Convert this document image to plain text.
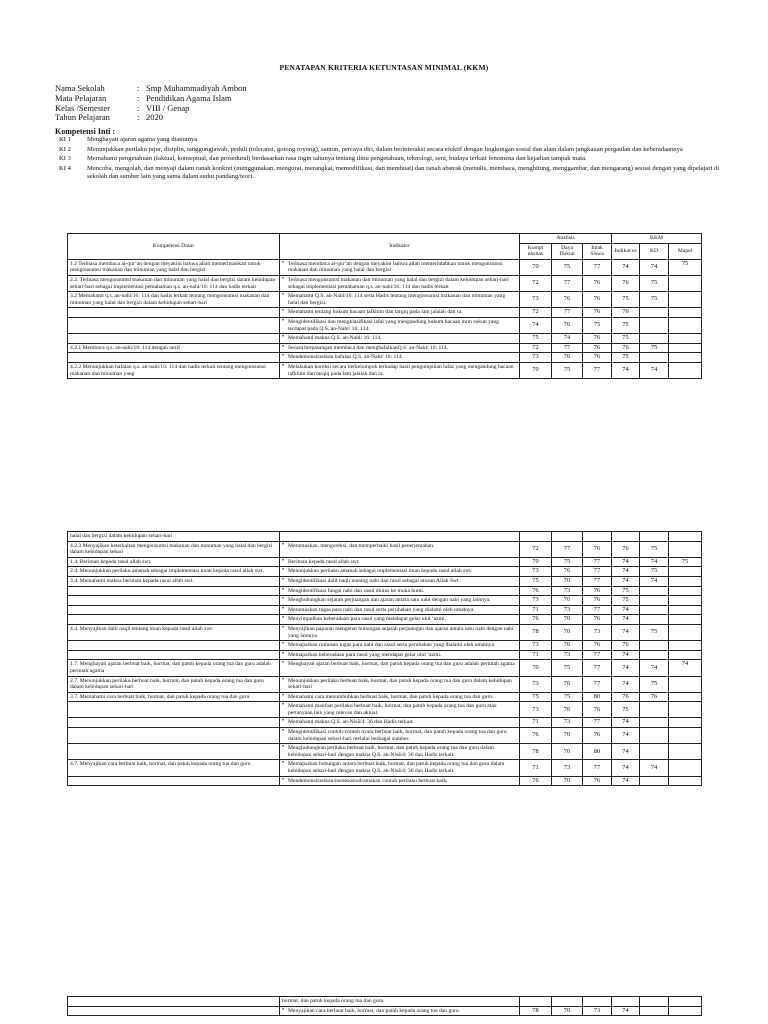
PENATAPAN KRITERIA KETUNTASAN MINIMAL (KKM)
Nama Sekolah	: Smp Muhammadiyah Ambon
Mata Pelajaran	: Pendidikan Agama Islam
Kelas /Semester	: VIII / Genap
Tahun Pelajaran	: 2020
Kompetensi Inti :
KI 1	Menghayati ajaran agama yang dianutnya
KI 2	Menunjukkan perilaku jujur, disiplin, tanggungjawab, peduli (toleransi, gotong royong), santun, percaya diri, dalam berinteraksi secara efektif dengan lingkungan sosial dan alam dalam jangkauan pergaulan dan keberadaannya
KI 3	Memahami pengetahuan (faktual, konseptual, dan prosedural) berdasarkan rasa ingin tahunya tentang ilmu pengetahuan, teknologi, seni, budaya terkait fenomena dan kejadian tampak mata.
KI 4	Mencoba, mengolah, dan menyaji dalam ranah konkret (menggunakan, mengurai, merangkai, memodifikasi, dan membuat) dan ranah abstrak (menulis, membaca, menghitung, menggambar, dan mengarang) sesuai dengan yang dipelajari di sekolah dan sumber lain yang sama dalam sudut pandang/teori.
Kompetensi Dasar	Indikator	Analisis			KKM		
		Kompl eksitas	Daya Dukun	Intak Siswa	Indikat or	KD	Mapel
1.2 Terbiasa membaca al-qur’an dengan meyakini bahwa allah memerintahkan untuk mengonsumsi makanan dan minuman yang halal dan bergizi	• Terbiasa membaca al-qur’an dengan meyakini bahwa allah memerintahkan untuk mengonsumsi makanan dan minuman yang halal dan bergizi	70	75	77	74	74	75
2.2. Terbiasa mengonsumsi makanan dan minuman yang halal dan bergizi dalam kehidupan sehari-hari sebagai implementasi pemahaman q.s. an-nahl/16: 114 dan hadis terkait	• Terbiasa mengonsumsi makanan dan minuman yang halal dan bergizi dalam kehidupan sehari-hari sebagai implementasi pemahaman q.s. an-nahl/16: 114 dan hadis terkait	72	77	76	76	75	
3.2 Memahami q.s. an-nahl/16: 114 dan hadis terkait tentang mengonsumsi makanan dan minuman yang halal dan bergizi dalam kehidupan sehari-hari	• Memahami Q.S. an-Nahl/16: 114 serta Hadis tentang mengonsumsi makanan dan minuman yang halal dan bergizi.	73	76	76	75	75	
	• Memahami tentang hukum bacaan tafkhim dan tarqiq pada lam jalalah dan ra.	72	77	76	76		
	• Mengidentifikasi dan mengklasifikasi lafal yang mengandung hukum bacaan mim sukun yang terdapat pada Q.S. an-Nahl/ 16: 114.	74	76	75	75		
	• Memahami makna Q.S. an-Nahl/ 16: 114.	75	74	76	75		
4.2.1 Membaca q.s. an-nahl/16: 114 dengan tartil	• Secara berpasangan membaca dan menghafalkanQ.S. an-Nahl/ 16: 114.	72	77	76	76	75	
	• Mendemonstrasikan hafalan Q.S. an-Nahl/ 16: 114.	73	76	76	75		
4.2.2 Menunjukkan hafalan q.s. an-nahl/16: 114 dan hadis terkait tentang mengonsumsi makanan dan minuman yang	• Melakukan koreksi secara berkelompok terhadap hasil pengumpulan lafaz yang mengandung bacaan tafkhim dan tarqiq pada lam jalalah dan ra.	70	75	77	74	74	
halal dan bergizi dalam kehidupan sehari-hari							
4.2.3 Menyajikan keterkaitan mengonsumsi makanan dan minuman yang halal dan bergizi dalam kehidupan sehari	• Merumuskan, mengoreksi, dan memperbaiki hasil penerjemahan.	72	77	76	76	75	
1.4. Beriman kepada rasul allah swt.	• Beriman kepada rasul allah swt.	70	75	77	74	74	75
2.4. Menunjukkan perilaku amanah sebagai implementasi iman kepada rasul allah swt.	• Menunjukkan perilaku amanah sebagai implementasi iman kepada rasul allah swt.	73	76	77	74	75	
3.4. Memahami makna beriman kepada rasul allah swt.	• Mengidentifikasi dalil naqli tentang nabi dan rasul sebagai utusan Allah Swt.	75	70	77	74	74	
	• Mengidentifikasi fungsi nabi dan rasul diutus ke muka bumi.	76	73	76	75		
	• Menghubungkan sejarah perjuangan dan ajaran antara satu nabi dengan nabi yang lainnya.	73	76	76	75		
	• Merumuskan tugas para nabi dan rasul serta perubahan yang dialami oleh umatnya.	71	73	77	74		
	• Menyimpulkan keberadaan para rasul yang mendapat gelar ulul ‘azmi.	76	70	76	74		
4.4. Menyajikan dalil naqli tentang iman kepada rasul allah swt.	• Menyajikan paparan mengenai hubungan sejarah perjuangan dan ajaran antara satu nabi dengan nabi yang lainnya.	78	70	73	74	75	
	• Memaparkan rumusan tugas para nabi dan rasul serta perubahan yang dialami oleh umatnya.	73	76	76	76		
	• Memaparkan keberadaan para rasul yang mendapat gelar ulul ‘azmi.	71	73	77	74		
1.7. Menghayati ajaran berbuat baik, hormat, dan patuh kepada orang tua dan guru adalah perintah agama	• Menghayati ajaran berbuat baik, hormat, dan patuh kepada orang tua dan guru adalah perintah agama	70	75	77	74	74	74
2.7. Menunjukkan perilaku berbuat baik, hormat, dan patuh kepada orang tua dan guru dalam kehidupan sehari-hari	• Menunjukkan perilaku berbuat baik, hormat, dan patuh kepada orang tua dan guru dalam kehidupan sehari-hari	73	76	77	74	75	
3.7. Memahami cara berbuat baik, hormat, dan patuh kepada orang tua dan guru	• Memahami cara menumbuhkan berbuat baik, hormat, dan patuh kepada orang tua dan guru.	75	75	80	76	76	
	• Memahami manfaat perilaku berbuat baik, hormat, dan patuh kepada orang tua dan guru atau pertanyaan lain yang relevan dan aktual.	73	76	76	75		
	• Memahami makna Q.S. an-Nisā/4: 36 dan Hadis terkait.	71	73	77	74		
	• Mengidentifikasi contoh-contoh nyata berbuat baik, hormat, dan patuh kepada orang tua dan guru dalam kehidupan sehari-hari melalui berbagai sumber.	76	70	76	74		
	• Menghubungkan perilaku berbuat baik, hormat, dan patuh kepada orang tua dan guru dalam kehidupan sehari-hari dengan makna Q.S. an-Nisā/4: 36 dan Hadis terkait.	78	70	80	74		
4.7. Menyajikan cara berbuat baik, hormat, dan patuh kepada orang tua dan guru	• Memaparkan hubungan antara berbuat baik, hormat, dan patuh kepada orang tua dan guru dalam kehidupan sehari-hari dengan makna Q.S. an-Nisā/4: 36 dan Hadis terkait.	71	73	77	74	74	
	• Mendemonstrasikan/menesosiodramakan contoh perilaku berbuat baik,	76	70	76	74		
	hormat, dan patuh kepada orang tua dan guru.						
	• Menyajikan cara berbuat baik, hormat, dan patuh kepada orang tua dan guru.	78	70	73	74		
